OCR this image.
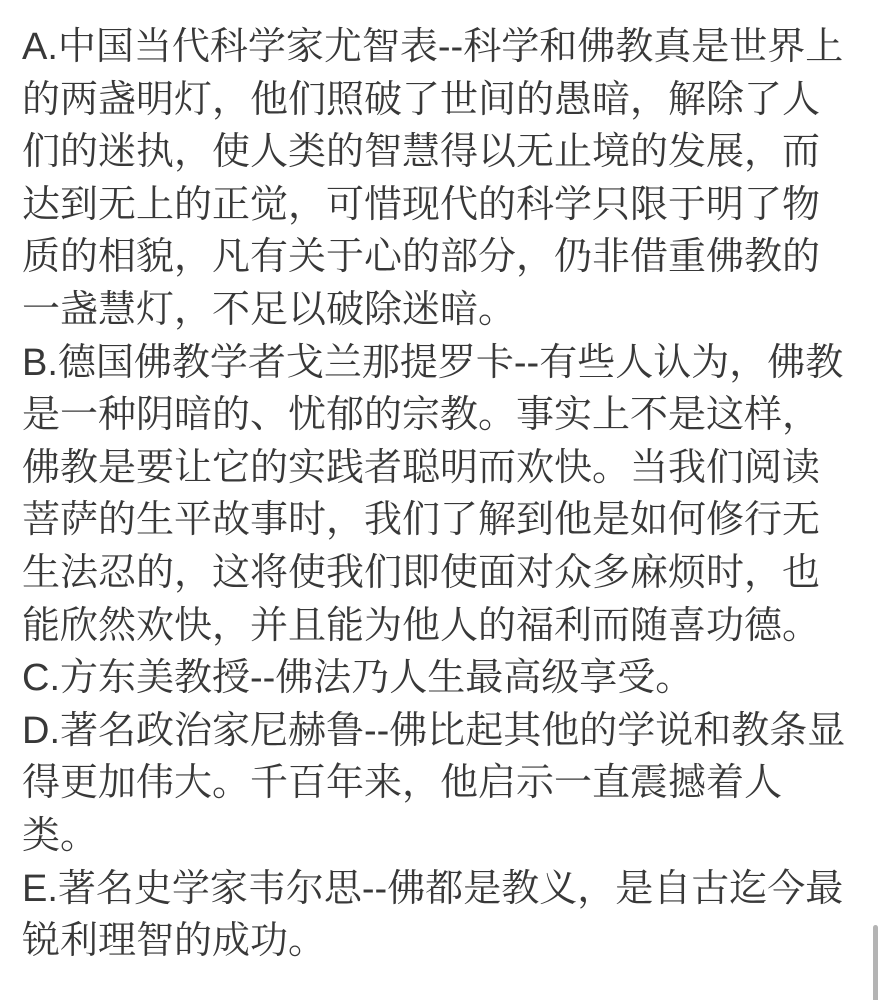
A.中国当代科学家尤智表--科学和佛教真是世界上
的两盏明灯，他们照破了世间的愚暗，解除了人
们的迷执，使人类的智慧得以无止境的发展，而
达到无上的正觉，可惜现代的科学只限于明了物
质的相貌，凡有关于心的部分，仍非借重佛教的
一盏慧灯，不足以破除迷暗。
B.德国佛教学者戈兰那提罗卡--有些人认为，佛教
是一种阴暗的、忧郁的宗教。事实上不是这样，
佛教是要让它的实践者聪明而欢快。当我们阅读
菩萨的生平故事时，我们了解到他是如何修行无
生法忍的，这将使我们即使面对众多麻烦时，也
能欣然欢快，并且能为他人的福利而随喜功德。
C.方东美教授--佛法乃人生最高级享受。
D.著名政治家尼赫鲁--佛比起其他的学说和教条显
得更加伟大。千百年来，他启示一直震撼着人
类。
E.著名史学家韦尔思--佛都是教义，是自古迄今最
锐利理智的成功。
